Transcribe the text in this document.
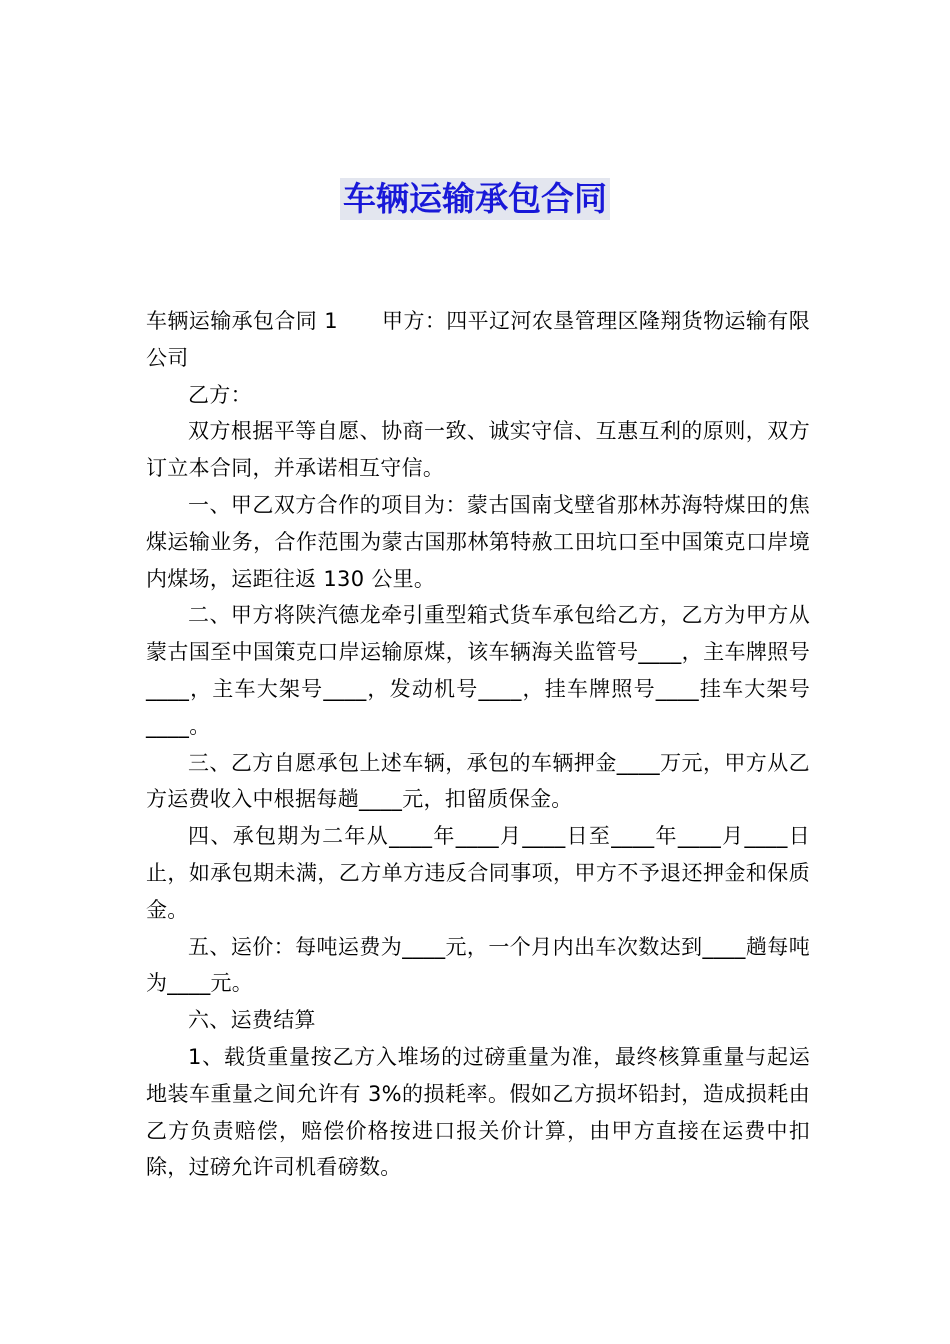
车辆运输承包合同

车辆运输承包合同 1 甲方：四平辽河农垦管理区隆翔货物运输有限公司

乙方：

双方根据平等自愿、协商一致、诚实守信、互惠互利的原则，双方订立本合同，并承诺相互守信。

一、甲乙双方合作的项目为：蒙古国南戈壁省那林苏海特煤田的焦煤运输业务，合作范围为蒙古国那林第特赦工田坑口至中国策克口岸境内煤场，运距往返 130 公里。

二、甲方将陕汽德龙牵引重型箱式货车承包给乙方，乙方为甲方从蒙古国至中国策克口岸运输原煤，该车辆海关监管号____，主车牌照号____，主车大架号____，发动机号____，挂车牌照号____挂车大架号____。

三、乙方自愿承包上述车辆，承包的车辆押金____万元，甲方从乙方运费收入中根据每趟____元，扣留质保金。

四、承包期为二年从____年____月____日至____年____月____日止，如承包期未满，乙方单方违反合同事项，甲方不予退还押金和保质金。

五、运价：每吨运费为____元，一个月内出车次数达到____趟每吨为____元。

六、运费结算

1、载货重量按乙方入堆场的过磅重量为准，最终核算重量与起运地装车重量之间允许有 3%的损耗率。假如乙方损坏铅封，造成损耗由乙方负责赔偿，赔偿价格按进口报关价计算，由甲方直接在运费中扣除，过磅允许司机看磅数。
